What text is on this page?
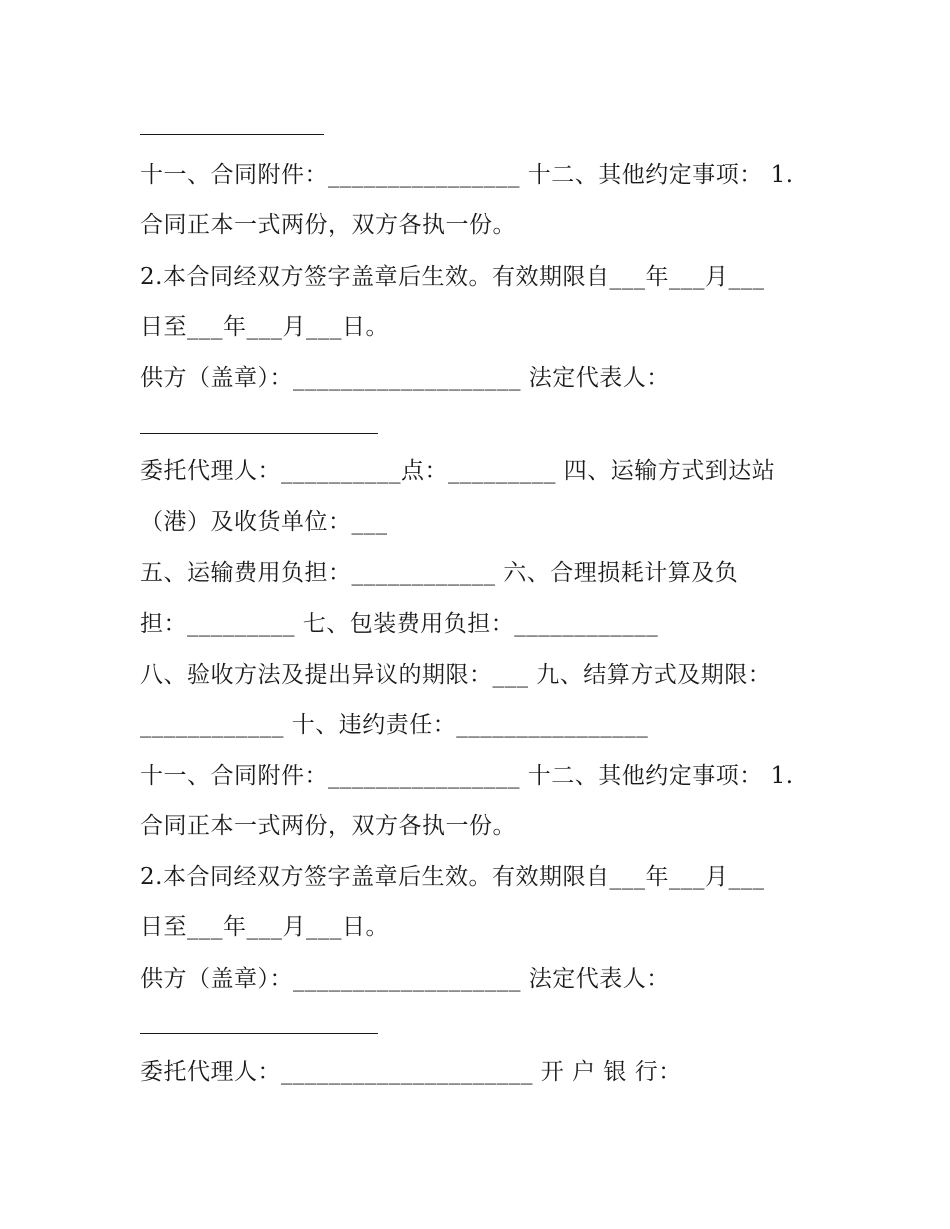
十一、合同附件：________________ 十二、其他约定事项： 1.
合同正本一式两份，双方各执一份。
2.本合同经双方签字盖章后生效。有效期限自___年___月___
日至___年___月___日。
供方（盖章）：___________________ 法定代表人：
委托代理人：__________点：_________ 四、运输方式到达站
（港）及收货单位：___
五、运输费用负担：____________ 六、合理损耗计算及负
担：_________ 七、包装费用负担：____________
八、验收方法及提出异议的期限：___ 九、结算方式及期限：
____________ 十、违约责任：________________
十一、合同附件：________________ 十二、其他约定事项： 1.
合同正本一式两份，双方各执一份。
2.本合同经双方签字盖章后生效。有效期限自___年___月___
日至___年___月___日。
供方（盖章）：___________________ 法定代表人：
委托代理人：_____________________ 开 户 银 行：
